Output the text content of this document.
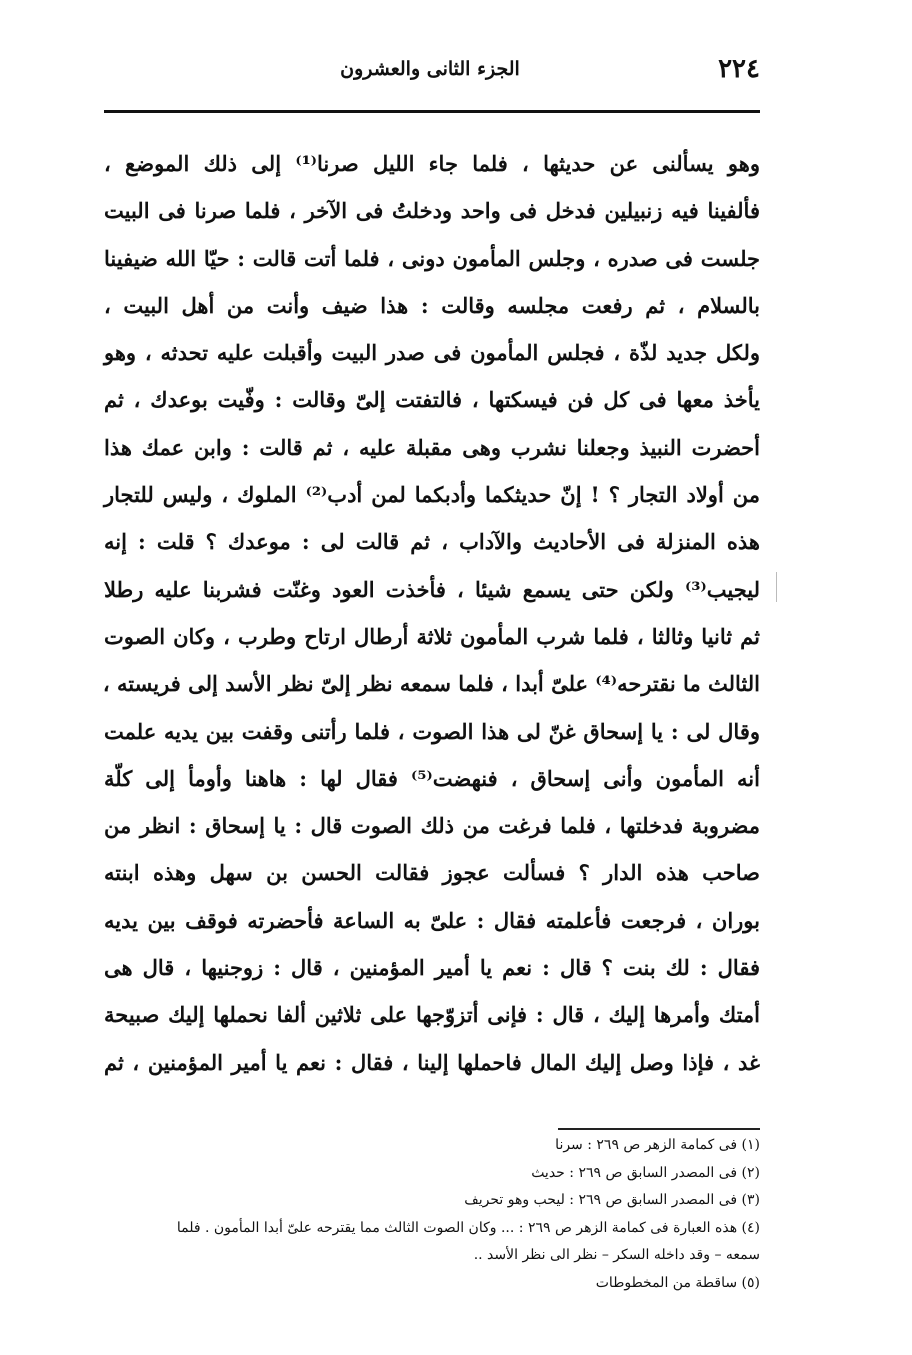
٢٢٤
الجزء الثانى والعشرون
وهو يسألنى عن حديثها ، فلما جاء الليل صرنا⁽¹⁾ إلى ذلك الموضع ،
فألفينا فيه زنبيلين فدخل فى واحد ودخلتُ فى الآخر ، فلما صرنا فى البيت
جلست فى صدره ، وجلس المأمون دونى ، فلما أتت قالت : حيّا الله ضيفينا
بالسلام ، ثم رفعت مجلسه وقالت : هذا ضيف وأنت من أهل البيت ،
ولكل جديد لذّة ، فجلس المأمون فى صدر البيت وأقبلت عليه تحدثه ، وهو
يأخذ معها فى كل فن فيسكتها ، فالتفتت إلىّ وقالت : وفّيت بوعدك ، ثم
أحضرت النبيذ وجعلنا نشرب وهى مقبلة عليه ، ثم قالت : وابن عمك هذا
من أولاد التجار ؟ ! إنّ حديثكما وأدبكما لمن أدب⁽²⁾ الملوك ، وليس للتجار
هذه المنزلة فى الأحاديث والآداب ، ثم قالت لى : موعدك ؟ قلت : إنه
ليجيب⁽³⁾ ولكن حتى يسمع شيئا ، فأخذت العود وغنّت فشربنا عليه رطلا
ثم ثانيا وثالثا ، فلما شرب المأمون ثلاثة أرطال ارتاح وطرب ، وكان الصوت
الثالث ما نقترحه⁽⁴⁾ علىّ أبدا ، فلما سمعه نظر إلىّ نظر الأسد إلى فريسته ،
وقال لى : يا إسحاق غنّ لى هذا الصوت ، فلما رأتنى وقفت بين يديه علمت
أنه المأمون وأنى إسحاق ، فنهضت⁽⁵⁾ فقال لها : هاهنا وأومأ إلى كلّة
مضروبة فدخلتها ، فلما فرغت من ذلك الصوت قال : يا إسحاق : انظر من
صاحب هذه الدار ؟ فسألت عجوز فقالت الحسن بن سهل وهذه ابنته
بوران ، فرجعت فأعلمته فقال : علىّ به الساعة فأحضرته فوقف بين يديه
فقال : لك بنت ؟ قال : نعم يا أمير المؤمنين ، قال : زوجنيها ، قال هى
أمتك وأمرها إليك ، قال : فإنى أتزوّجها على ثلاثين ألفا نحملها إليك صبيحة
غد ، فإذا وصل إليك المال فاحملها إلينا ، فقال : نعم يا أمير المؤمنين ، ثم
(١) فى كمامة الزهر ص ٢٦٩ : سرنا
(٢) فى المصدر السابق ص ٢٦٩ : حديث
(٣) فى المصدر السابق ص ٢٦٩ : ليحب وهو تحريف
(٤) هذه العبارة فى كمامة الزهر ص ٢٦٩ : ... وكان الصوت الثالث مما يقترحه علىّ أبدا المأمون . فلما
سمعه – وقد داخله السكر – نظر الى نظر الأسد ..
(٥) ساقطة من المخطوطات
